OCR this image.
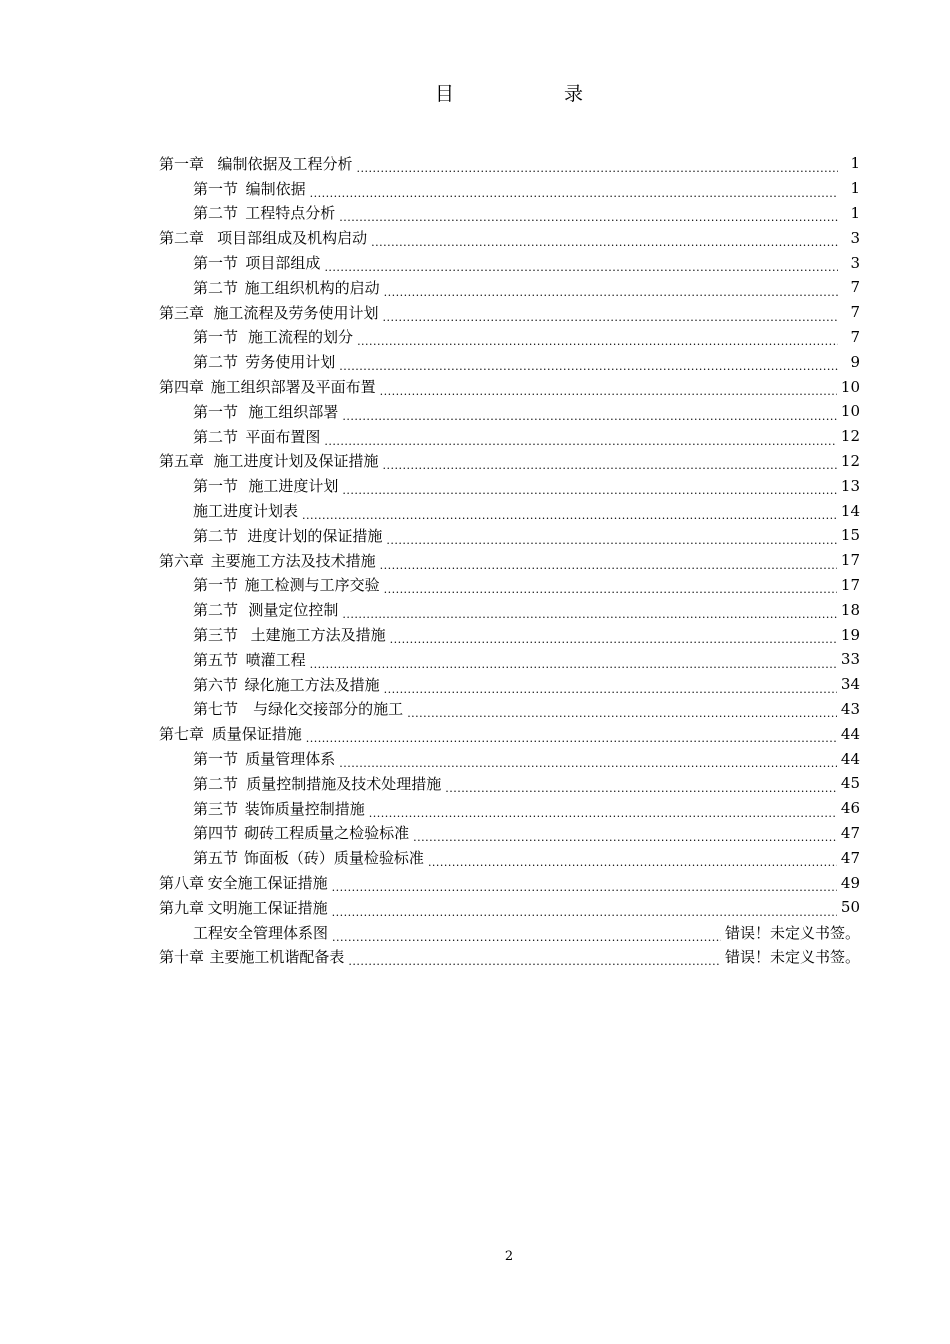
目	录
第一章 编制依据及工程分析 .....	1
第一节 编制依据 .....	1
第二节 工程特点分析 .....	1
第二章 项目部组成及机构启动 .....	3
第一节 项目部组成 .....	3
第二节 施工组织机构的启动 .....	7
第三章 施工流程及劳务使用计划 .....	7
第一节 施工流程的划分 .....	7
第二节 劳务使用计划 .....	9
第四章 施工组织部署及平面布置 .....	10
第一节 施工组织部署 .....	10
第二节 平面布置图 .....	12
第五章 施工进度计划及保证措施 .....	12
第一节 施工进度计划 .....	13
施工进度计划表 .....	14
第二节 进度计划的保证措施 .....	15
第六章 主要施工方法及技术措施 .....	17
第一节 施工检测与工序交验 .....	17
第二节 测量定位控制 .....	18
第三节 土建施工方法及措施 .....	19
第五节 喷灌工程 .....	33
第六节 绿化施工方法及措施 .....	34
第七节 与绿化交接部分的施工 .....	43
第七章 质量保证措施 .....	44
第一节 质量管理体系 .....	44
第二节 质量控制措施及技术处理措施 .....	45
第三节 装饰质量控制措施 .....	46
第四节 砌砖工程质量之检验标准 .....	47
第五节 饰面板（砖）质量检验标准 .....	47
第八章 安全施工保证措施 .....	49
第九章 文明施工保证措施 .....	50
工程安全管理体系图 .....	错误！未定义书签。
第十章 主要施工机谐配备表 .....	错误！未定义书签。
2
